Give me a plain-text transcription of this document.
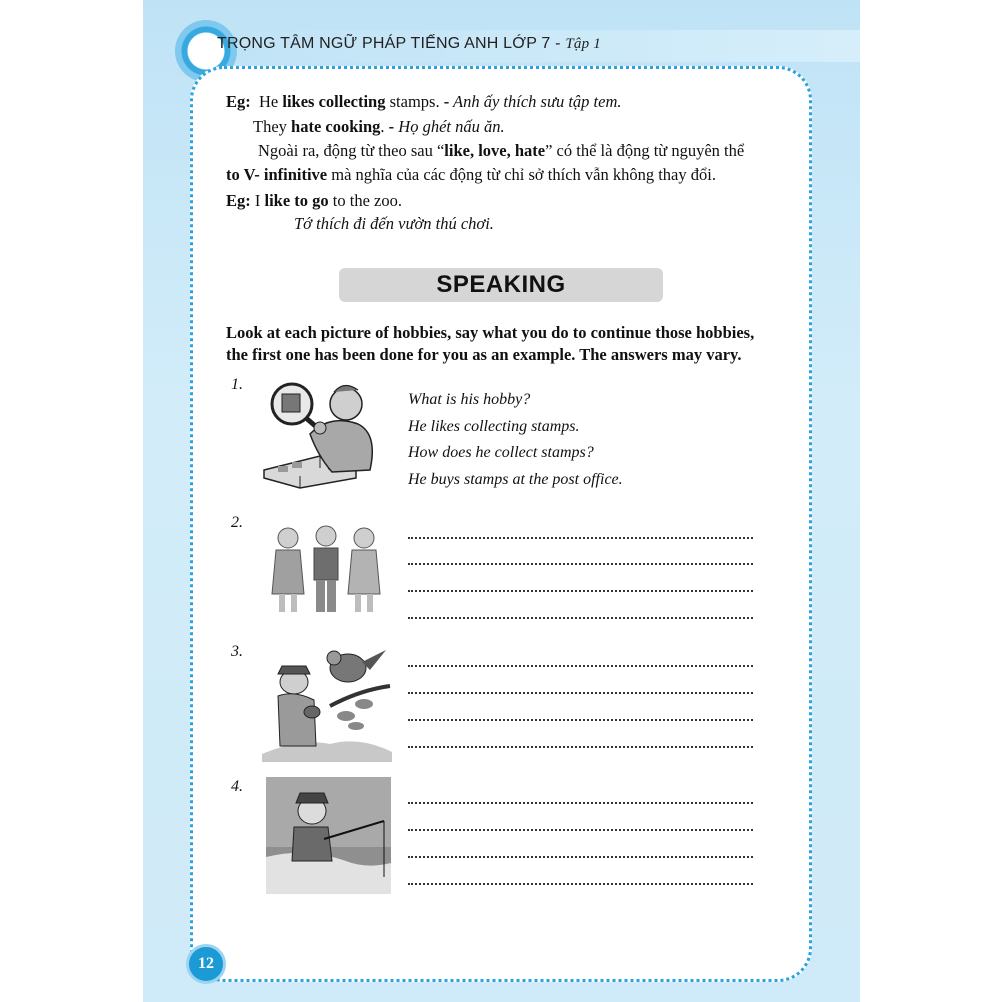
TRỌNG TÂM NGỮ PHÁP TIẾNG ANH LỚP 7 - Tập 1
Eg: He likes collecting stamps. - Anh ấy thích sưu tập tem.
They hate cooking. - Họ ghét nấu ăn.
Ngoài ra, động từ theo sau “like, love, hate” có thể là động từ nguyên thể
to V- infinitive mà nghĩa của các động từ chỉ sở thích vẫn không thay đổi.
Eg: I like to go to the zoo.
Tớ thích đi đến vườn thú chơi.
SPEAKING
Look at each picture of hobbies, say what you do to continue those hobbies,
the first one has been done for you as an example. The answers may vary.
1.
What is his hobby?
He likes collecting stamps.
How does he collect stamps?
He buys stamps at the post office.
2.
3.
4.
12
